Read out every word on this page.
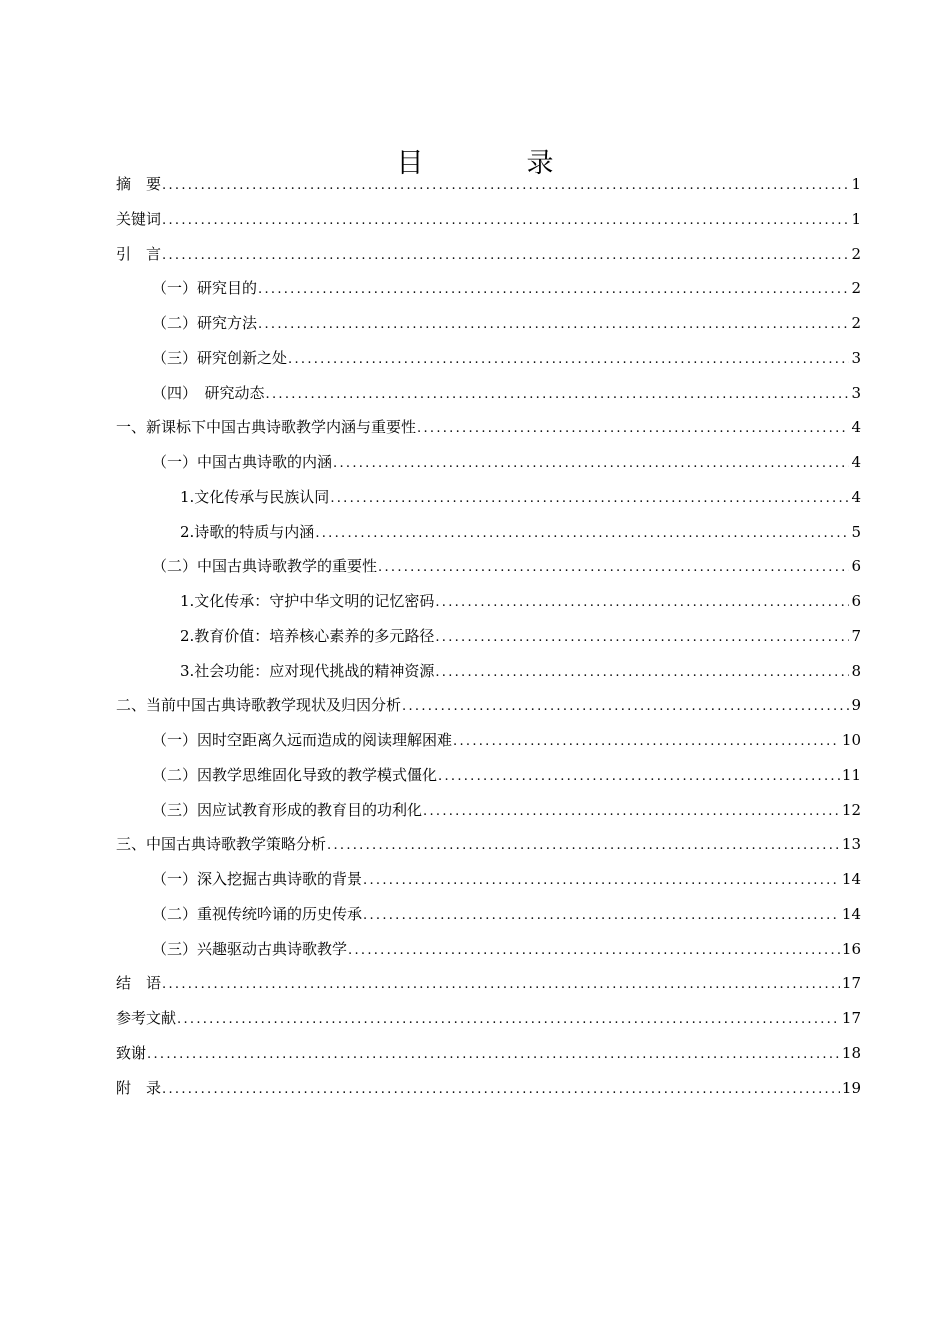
目　录
摘　要 .....	1
关键词 .....	1
引　言 .....	2
（一）研究目的 .....	2
（二）研究方法 .....	2
（三）研究创新之处 .....	3
（四）　研究动态 .....	3
一、新课标下中国古典诗歌教学内涵与重要性 .....	4
（一）中国古典诗歌的内涵 .....	4
1.文化传承与民族认同 .....	4
2.诗歌的特质与内涵 .....	5
（二）中国古典诗歌教学的重要性 .....	6
1.文化传承：守护中华文明的记忆密码 .....	6
2.教育价值：培养核心素养的多元路径 .....	7
3.社会功能：应对现代挑战的精神资源 .....	8
二、当前中国古典诗歌教学现状及归因分析 .....	9
（一）因时空距离久远而造成的阅读理解困难 .....	10
（二）因教学思维固化导致的教学模式僵化 .....	11
（三）因应试教育形成的教育目的功利化 .....	12
三、中国古典诗歌教学策略分析 .....	13
（一）深入挖掘古典诗歌的背景 .....	14
（二）重视传统吟诵的历史传承 .....	14
（三）兴趣驱动古典诗歌教学 .....	16
结　语 .....	17
参考文献 .....	17
致谢 .....	18
附　录 .....	19
